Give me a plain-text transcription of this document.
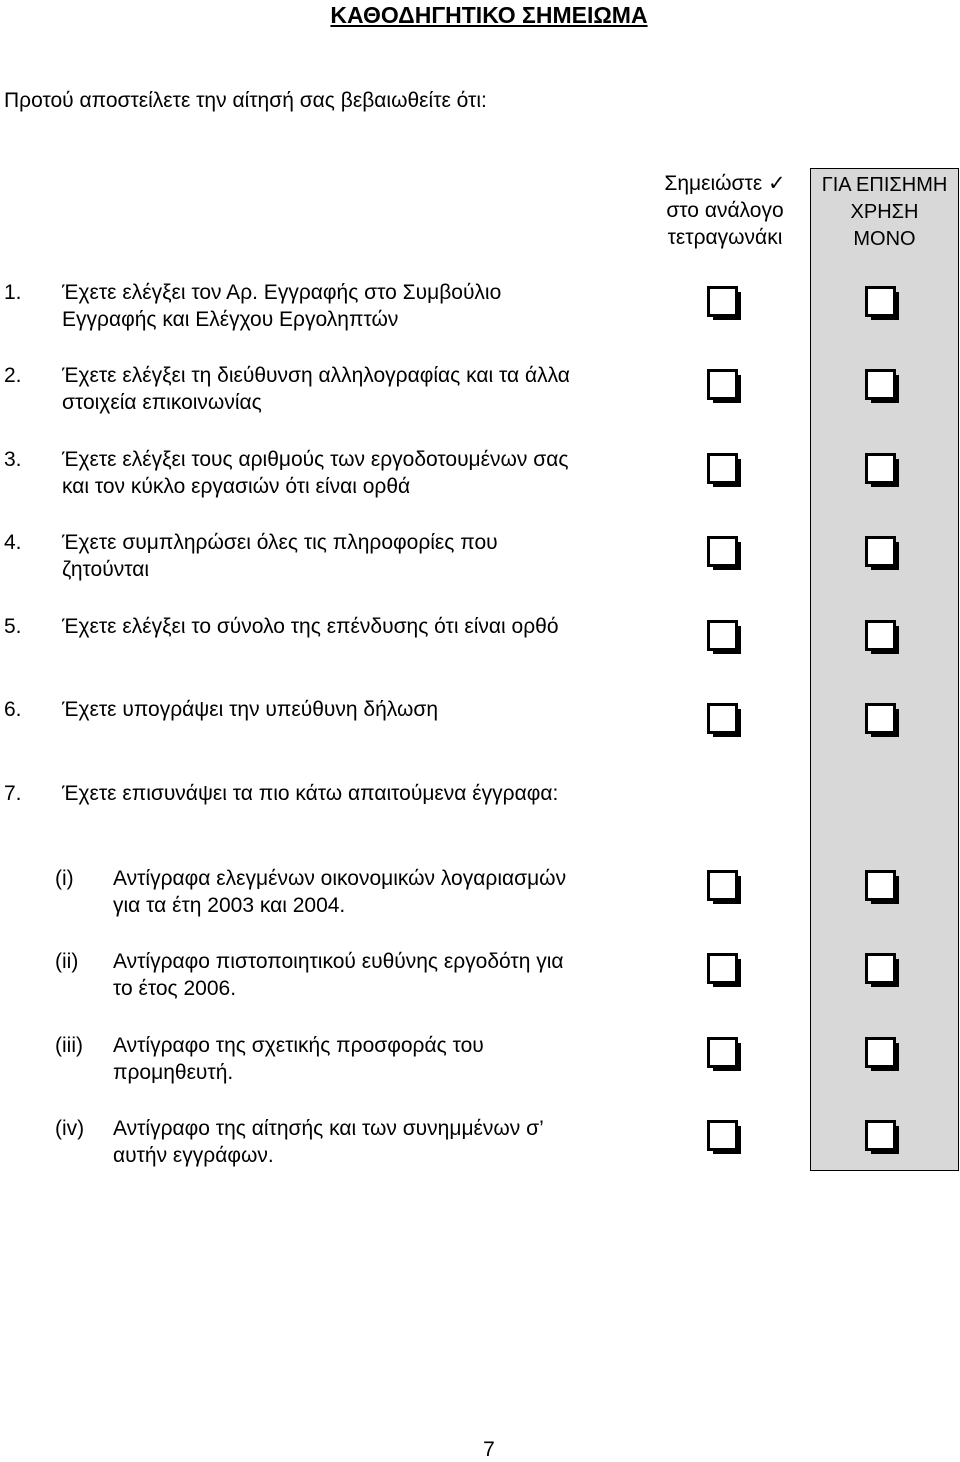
ΚΑΘΟΔΗΓΗΤΙΚΟ ΣΗΜΕΙΩΜΑ
Προτού αποστείλετε την αίτησή σας βεβαιωθείτε ότι:
Σημειώστε ✓
στο ανάλογο
τετραγωνάκι
ΓΙΑ ΕΠΙΣΗΜΗ
ΧΡΗΣΗ
ΜΟΝΟ
1.	Έχετε ελέγξει τον Αρ. Εγγραφής στο Συμβούλιο
Εγγραφής και Ελέγχου Εργοληπτών
2.	Έχετε ελέγξει τη διεύθυνση αλληλογραφίας και τα άλλα
στοιχεία επικοινωνίας
3.	Έχετε ελέγξει τους αριθμούς των εργοδοτουμένων σας
και τον κύκλο εργασιών ότι είναι ορθά
4.	Έχετε συμπληρώσει όλες τις πληροφορίες που
ζητούνται
5.	Έχετε ελέγξει το σύνολο της επένδυσης ότι είναι ορθό
6.	Έχετε υπογράψει την υπεύθυνη δήλωση
7.	Έχετε επισυνάψει τα πιο κάτω απαιτούμενα έγγραφα:
(i)	Αντίγραφα ελεγμένων οικονομικών λογαριασμών
για τα έτη 2003 και 2004.
(ii)	Αντίγραφο πιστοποιητικού ευθύνης εργοδότη για
το έτος 2006.
(iii)	Αντίγραφο της σχετικής προσφοράς του
προμηθευτή.
(iv)	Αντίγραφο της αίτησής και των συνημμένων σ’
αυτήν εγγράφων.
7
